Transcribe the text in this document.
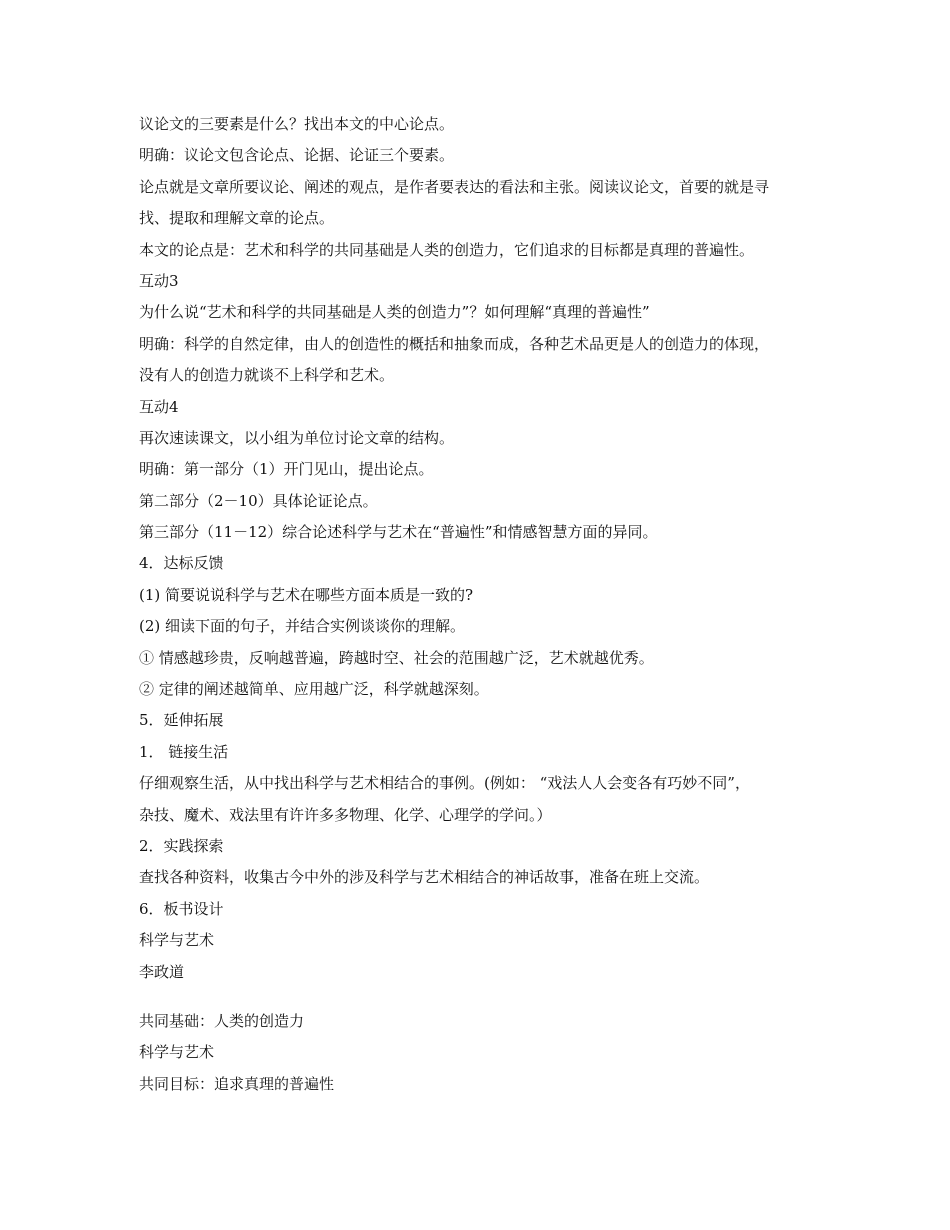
议论文的三要素是什么？找出本文的中心论点。

明确：议论文包含论点、论据、论证三个要素。

论点就是文章所要议论、阐述的观点，是作者要表达的看法和主张。阅读议论文，首要的就是寻

找、提取和理解文章的论点。

本文的论点是：艺术和科学的共同基础是人类的创造力，它们追求的目标都是真理的普遍性。

互动3

为什么说“艺术和科学的共同基础是人类的创造力”？如何理解“真理的普遍性”

明确：科学的自然定律，由人的创造性的概括和抽象而成，各种艺术品更是人的创造力的体现，

没有人的创造力就谈不上科学和艺术。

互动4

再次速读课文，以小组为单位讨论文章的结构。

明确：第一部分（1）开门见山，提出论点。

第二部分（2－10）具体论证论点。

第三部分（11－12）综合论述科学与艺术在“普遍性”和情感智慧方面的异同。

4．达标反馈

(1) 简要说说科学与艺术在哪些方面本质是一致的?

(2) 细读下面的句子，并结合实例谈谈你的理解。

① 情感越珍贵，反响越普遍，跨越时空、社会的范围越广泛，艺术就越优秀。

② 定律的阐述越简单、应用越广泛，科学就越深刻。

5．延伸拓展

1． 链接生活

仔细观察生活，从中找出科学与艺术相结合的事例。(例如： “戏法人人会变各有巧妙不同”，

杂技、魔术、戏法里有许许多多物理、化学、心理学的学问。）

2．实践探索

查找各种资料，收集古今中外的涉及科学与艺术相结合的神话故事，准备在班上交流。

6．板书设计

科学与艺术

李政道

共同基础：人类的创造力

科学与艺术

共同目标：追求真理的普遍性
